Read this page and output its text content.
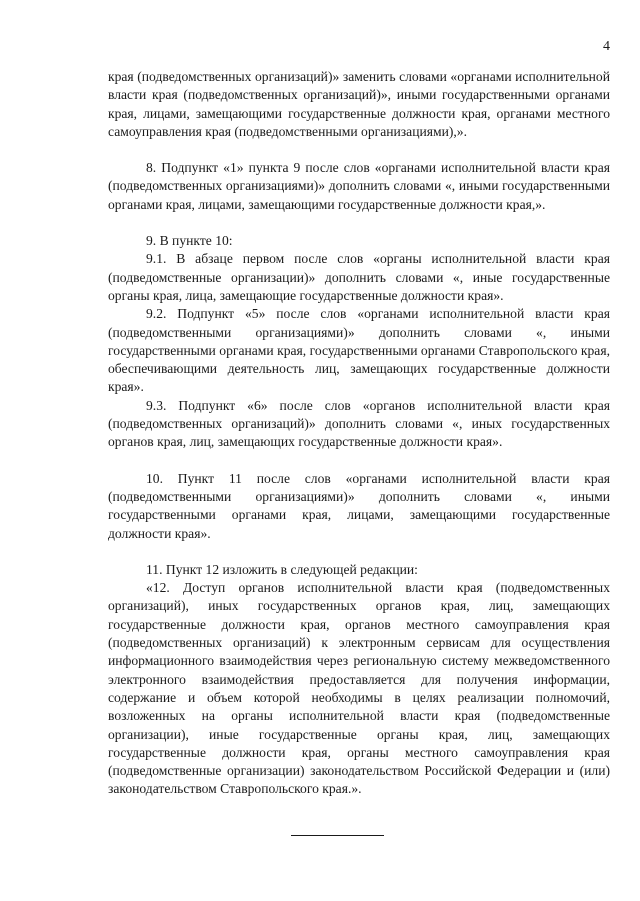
4

края (подведомственных организаций)» заменить словами «органами исполнительной власти края (подведомственных организаций)», иными государственными органами края, лицами, замещающими государственные должности края, органами местного самоуправления края (подведомственными организациями),».

8. Подпункт «1» пункта 9 после слов «органами исполнительной власти края (подведомственных организациями)» дополнить словами «, иными государственными органами края, лицами, замещающими государственные должности края,».

9. В пункте 10:

9.1. В абзаце первом после слов «органы исполнительной власти края (подведомственные организации)» дополнить словами «, иные государственные органы края, лица, замещающие государственные должности края».

9.2. Подпункт «5» после слов «органами исполнительной власти края (подведомственными организациями)» дополнить словами «, иными государственными органами края, государственными органами Ставропольского края, обеспечивающими деятельность лиц, замещающих государственные должности края».

9.3. Подпункт «6» после слов «органов исполнительной власти края (подведомственных организаций)» дополнить словами «, иных государственных органов края, лиц, замещающих государственные должности края».

10. Пункт 11 после слов «органами исполнительной власти края (подведомственными организациями)» дополнить словами «, иными государственными органами края, лицами, замещающими государственные должности края».

11. Пункт 12 изложить в следующей редакции:

«12. Доступ органов исполнительной власти края (подведомственных организаций), иных государственных органов края, лиц, замещающих государственные должности края, органов местного самоуправления края (подведомственных организаций) к электронным сервисам для осуществления информационного взаимодействия через региональную систему межведомственного электронного взаимодействия предоставляется для получения информации, содержание и объем которой необходимы в целях реализации полномочий, возложенных на органы исполнительной власти края (подведомственные организации), иные государственные органы края, лиц, замещающих государственные должности края, органы местного самоуправления края (подведомственные организации) законодательством Российской Федерации и (или) законодательством Ставропольского края.».
